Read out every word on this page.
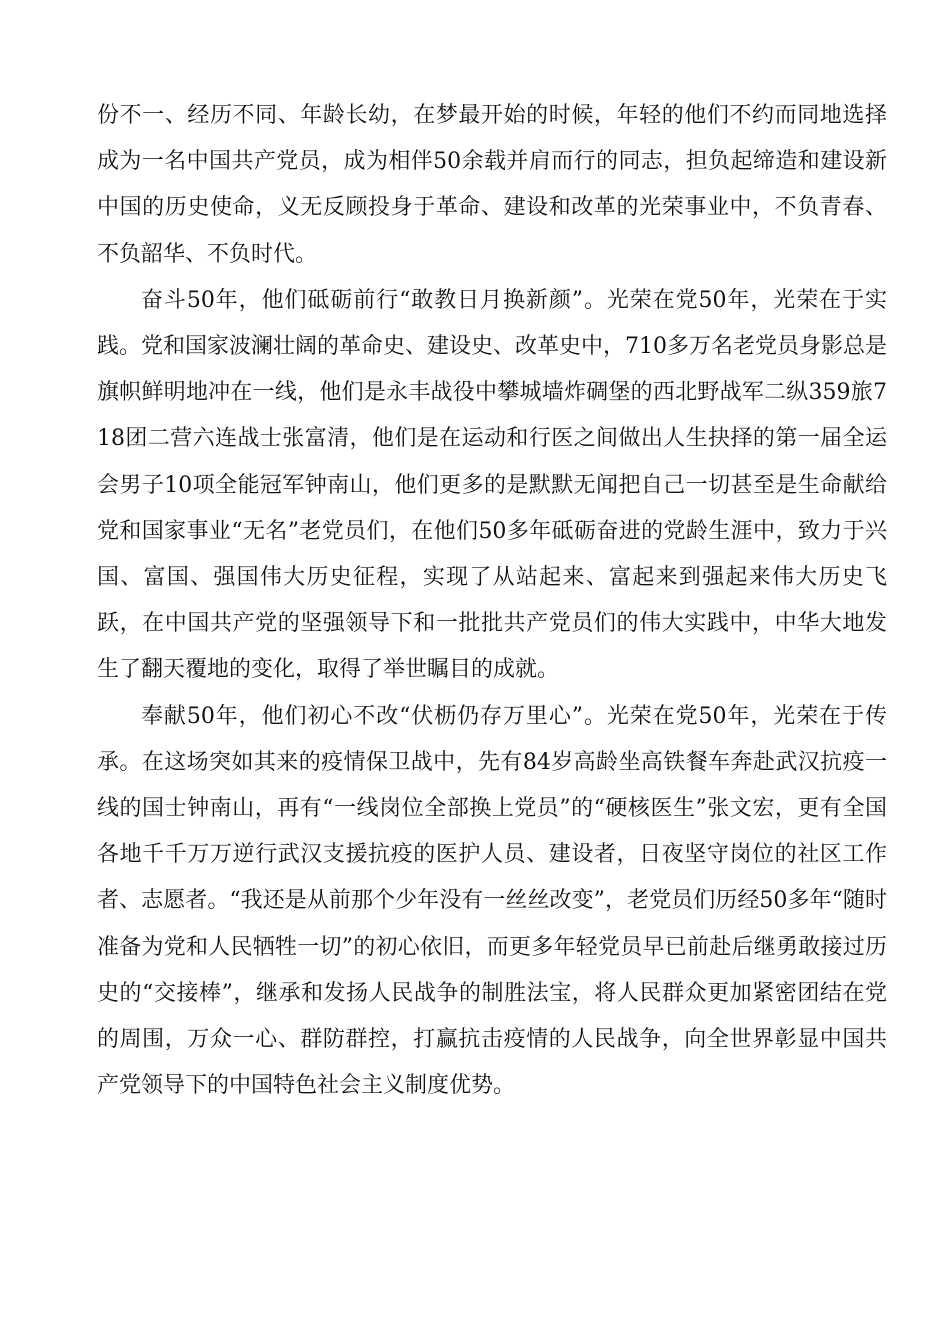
份不一、经历不同、年龄长幼，在梦最开始的时候，年轻的他们不约而同地选择成为一名中国共产党员，成为相伴50余载并肩而行的同志，担负起缔造和建设新中国的历史使命，义无反顾投身于革命、建设和改革的光荣事业中，不负青春、不负韶华、不负时代。

奋斗50年，他们砥砺前行“敢教日月换新颜”。光荣在党50年，光荣在于实践。党和国家波澜壮阔的革命史、建设史、改革史中，710多万名老党员身影总是旗帜鲜明地冲在一线，他们是永丰战役中攀城墙炸碉堡的西北野战军二纵359旅718团二营六连战士张富清，他们是在运动和行医之间做出人生抉择的第一届全运会男子10项全能冠军钟南山，他们更多的是默默无闻把自己一切甚至是生命献给党和国家事业“无名”老党员们，在他们50多年砥砺奋进的党龄生涯中，致力于兴国、富国、强国伟大历史征程，实现了从站起来、富起来到强起来伟大历史飞跃，在中国共产党的坚强领导下和一批批共产党员们的伟大实践中，中华大地发生了翻天覆地的变化，取得了举世瞩目的成就。

奉献50年，他们初心不改“伏枥仍存万里心”。光荣在党50年，光荣在于传承。在这场突如其来的疫情保卫战中，先有84岁高龄坐高铁餐车奔赴武汉抗疫一线的国士钟南山，再有“一线岗位全部换上党员”的“硬核医生”张文宏，更有全国各地千千万万逆行武汉支援抗疫的医护人员、建设者，日夜坚守岗位的社区工作者、志愿者。“我还是从前那个少年没有一丝丝改变”，老党员们历经50多年“随时准备为党和人民牺牲一切”的初心依旧，而更多年轻党员早已前赴后继勇敢接过历史的“交接棒”，继承和发扬人民战争的制胜法宝，将人民群众更加紧密团结在党的周围，万众一心、群防群控，打赢抗击疫情的人民战争，向全世界彰显中国共产党领导下的中国特色社会主义制度优势。
